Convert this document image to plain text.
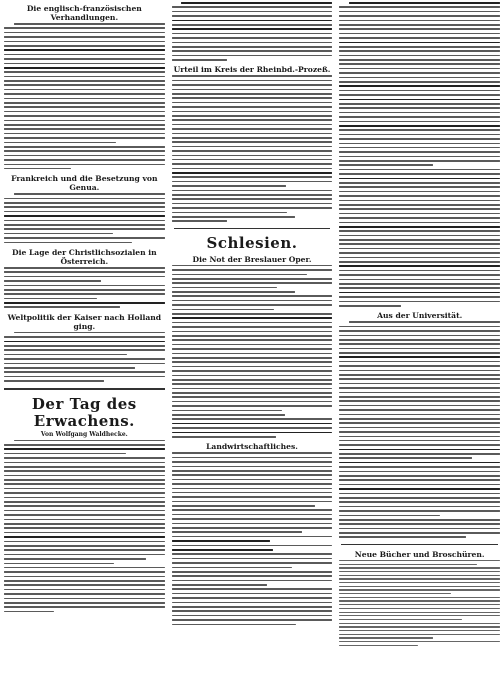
Die englisch-französischen Verhandlungen.
Frankreich und die Besetzung von Genua.
Die Lage der Christlichsozialen in Österreich.
Weltpolitik der Kaiser nach Holland ging.
Der Tag des Erwachens.
Von Wolfgang Waldhecke.
Urteil im Kreis der Rheinbd.-Prozeß.
Schlesien.
Die Not der Breslauer Oper.
Landwirtschaftliches.
Aus der Universität.
Neue Bücher und Broschüren.
